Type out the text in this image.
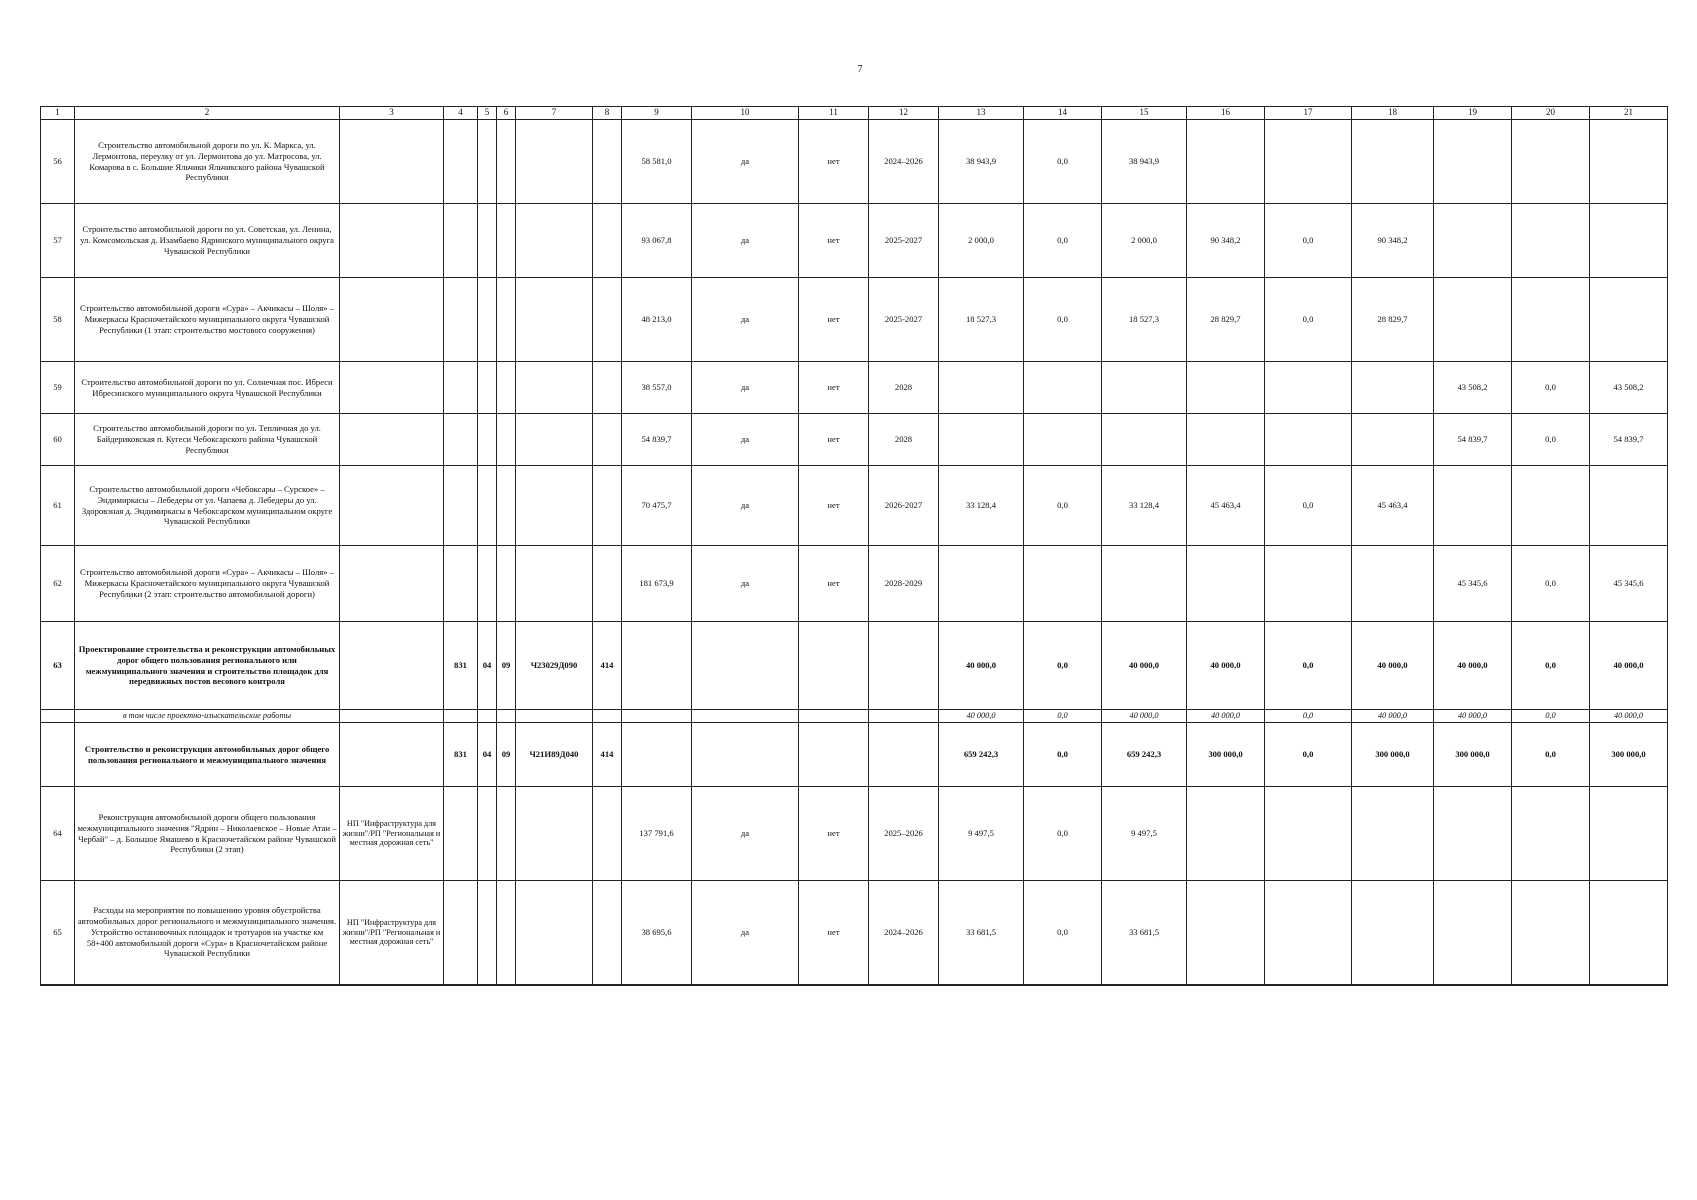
7
1	2	3	4	5	6	7	8	9	10	11	12	13	14	15	16	17	18	19	20	21
56	Строительство автомобильной дороги по ул. К. Маркса, ул. Лермонтова, переулку от ул. Лермонтова до ул. Матросова, ул. Комарова в с. Большие Яльчики Яльчикского района Чувашской Республики							58 581,0	да	нет	2024–2026	38 943,9	0,0	38 943,9						
57	Строительство автомобильной дороги по ул. Советская, ул. Ленина, ул. Комсомольская д. Изамбаево Ядринского муниципального округа Чувашской Республики							93 067,8	да	нет	2025-2027	2 000,0	0,0	2 000,0	90 348,2	0,0	90 348,2			
58	Строительство автомобильной дороги «Сура» – Акчикасы – Шоля» – Мижеркасы Красночетайского муниципального округа Чувашской Республики (1 этап: строительство мостового сооружения)							48 213,0	да	нет	2025-2027	18 527,3	0,0	18 527,3	28 829,7	0,0	28 829,7			
59	Строительство автомобильной дороги по ул. Солнечная пос. Ибреси Ибресинского муниципального округа Чувашской Республики							38 557,0	да	нет	2028							43 508,2	0,0	43 508,2
60	Строительство автомобильной дороги по ул. Тепличная до ул. Байдериковская п. Кугеси Чебоксарского района Чувашской Республики							54 839,7	да	нет	2028							54 839,7	0,0	54 839,7
61	Строительство автомобильной дороги «Чебоксары – Сурское» – Эндимиркасы – Лебедеры от ул. Чапаева д. Лебедеры до ул. Здоровэная д. Эндимиркасы в Чебоксарском муниципальном округе Чувашской Республики							70 475,7	да	нет	2026-2027	33 128,4	0,0	33 128,4	45 463,4	0,0	45 463,4			
62	Строительство автомобильной дороги «Сура» – Акчикасы – Шоля» – Мижеркасы Красночетайского муниципального округа Чувашской Республики (2 этап: строительство автомобильной дороги)							181 673,9	да	нет	2028-2029							45 345,6	0,0	45 345,6
63	Проектирование строительства и реконструкции автомобильных дорог общего пользования регионального или межмуниципального значения и строительство площадок для передвижных постов весового контроля		831	04	09	Ч23029Д090	414					40 000,0	0,0	40 000,0	40 000,0	0,0	40 000,0	40 000,0	0,0	40 000,0
	в том числе проектно-изыскательские работы											40 000,0	0,0	40 000,0	40 000,0	0,0	40 000,0	40 000,0	0,0	40 000,0
	Строительство и реконструкция автомобильных дорог общего пользования регионального и межмуниципального значения		831	04	09	Ч21И89Д040	414					659 242,3	0,0	659 242,3	300 000,0	0,0	300 000,0	300 000,0	0,0	300 000,0
64	Реконструкция автомобильной дороги общего пользования межмуниципального значения "Ядрин – Николаевское – Новые Атаи – Чербай" – д. Большое Ямашево в Красночетайском районе Чувашской Республики (2 этап)	НП "Инфраструктура для жизни"/РП "Региональная и местная дорожная сеть"						137 791,6	да	нет	2025–2026	9 497,5	0,0	9 497,5						
65	Расходы на мероприятия по повышению уровня обустройства автомобильных дорог регионального и межмуниципального значения. Устройство остановочных площадок и тротуаров на участке км 58+400 автомобильной дороги «Сура» в Красночетайском районе Чувашской Республики	НП "Инфраструктура для жизни"/РП "Региональная и местная дорожная сеть"						38 695,6	да	нет	2024–2026	33 681,5	0,0	33 681,5						
